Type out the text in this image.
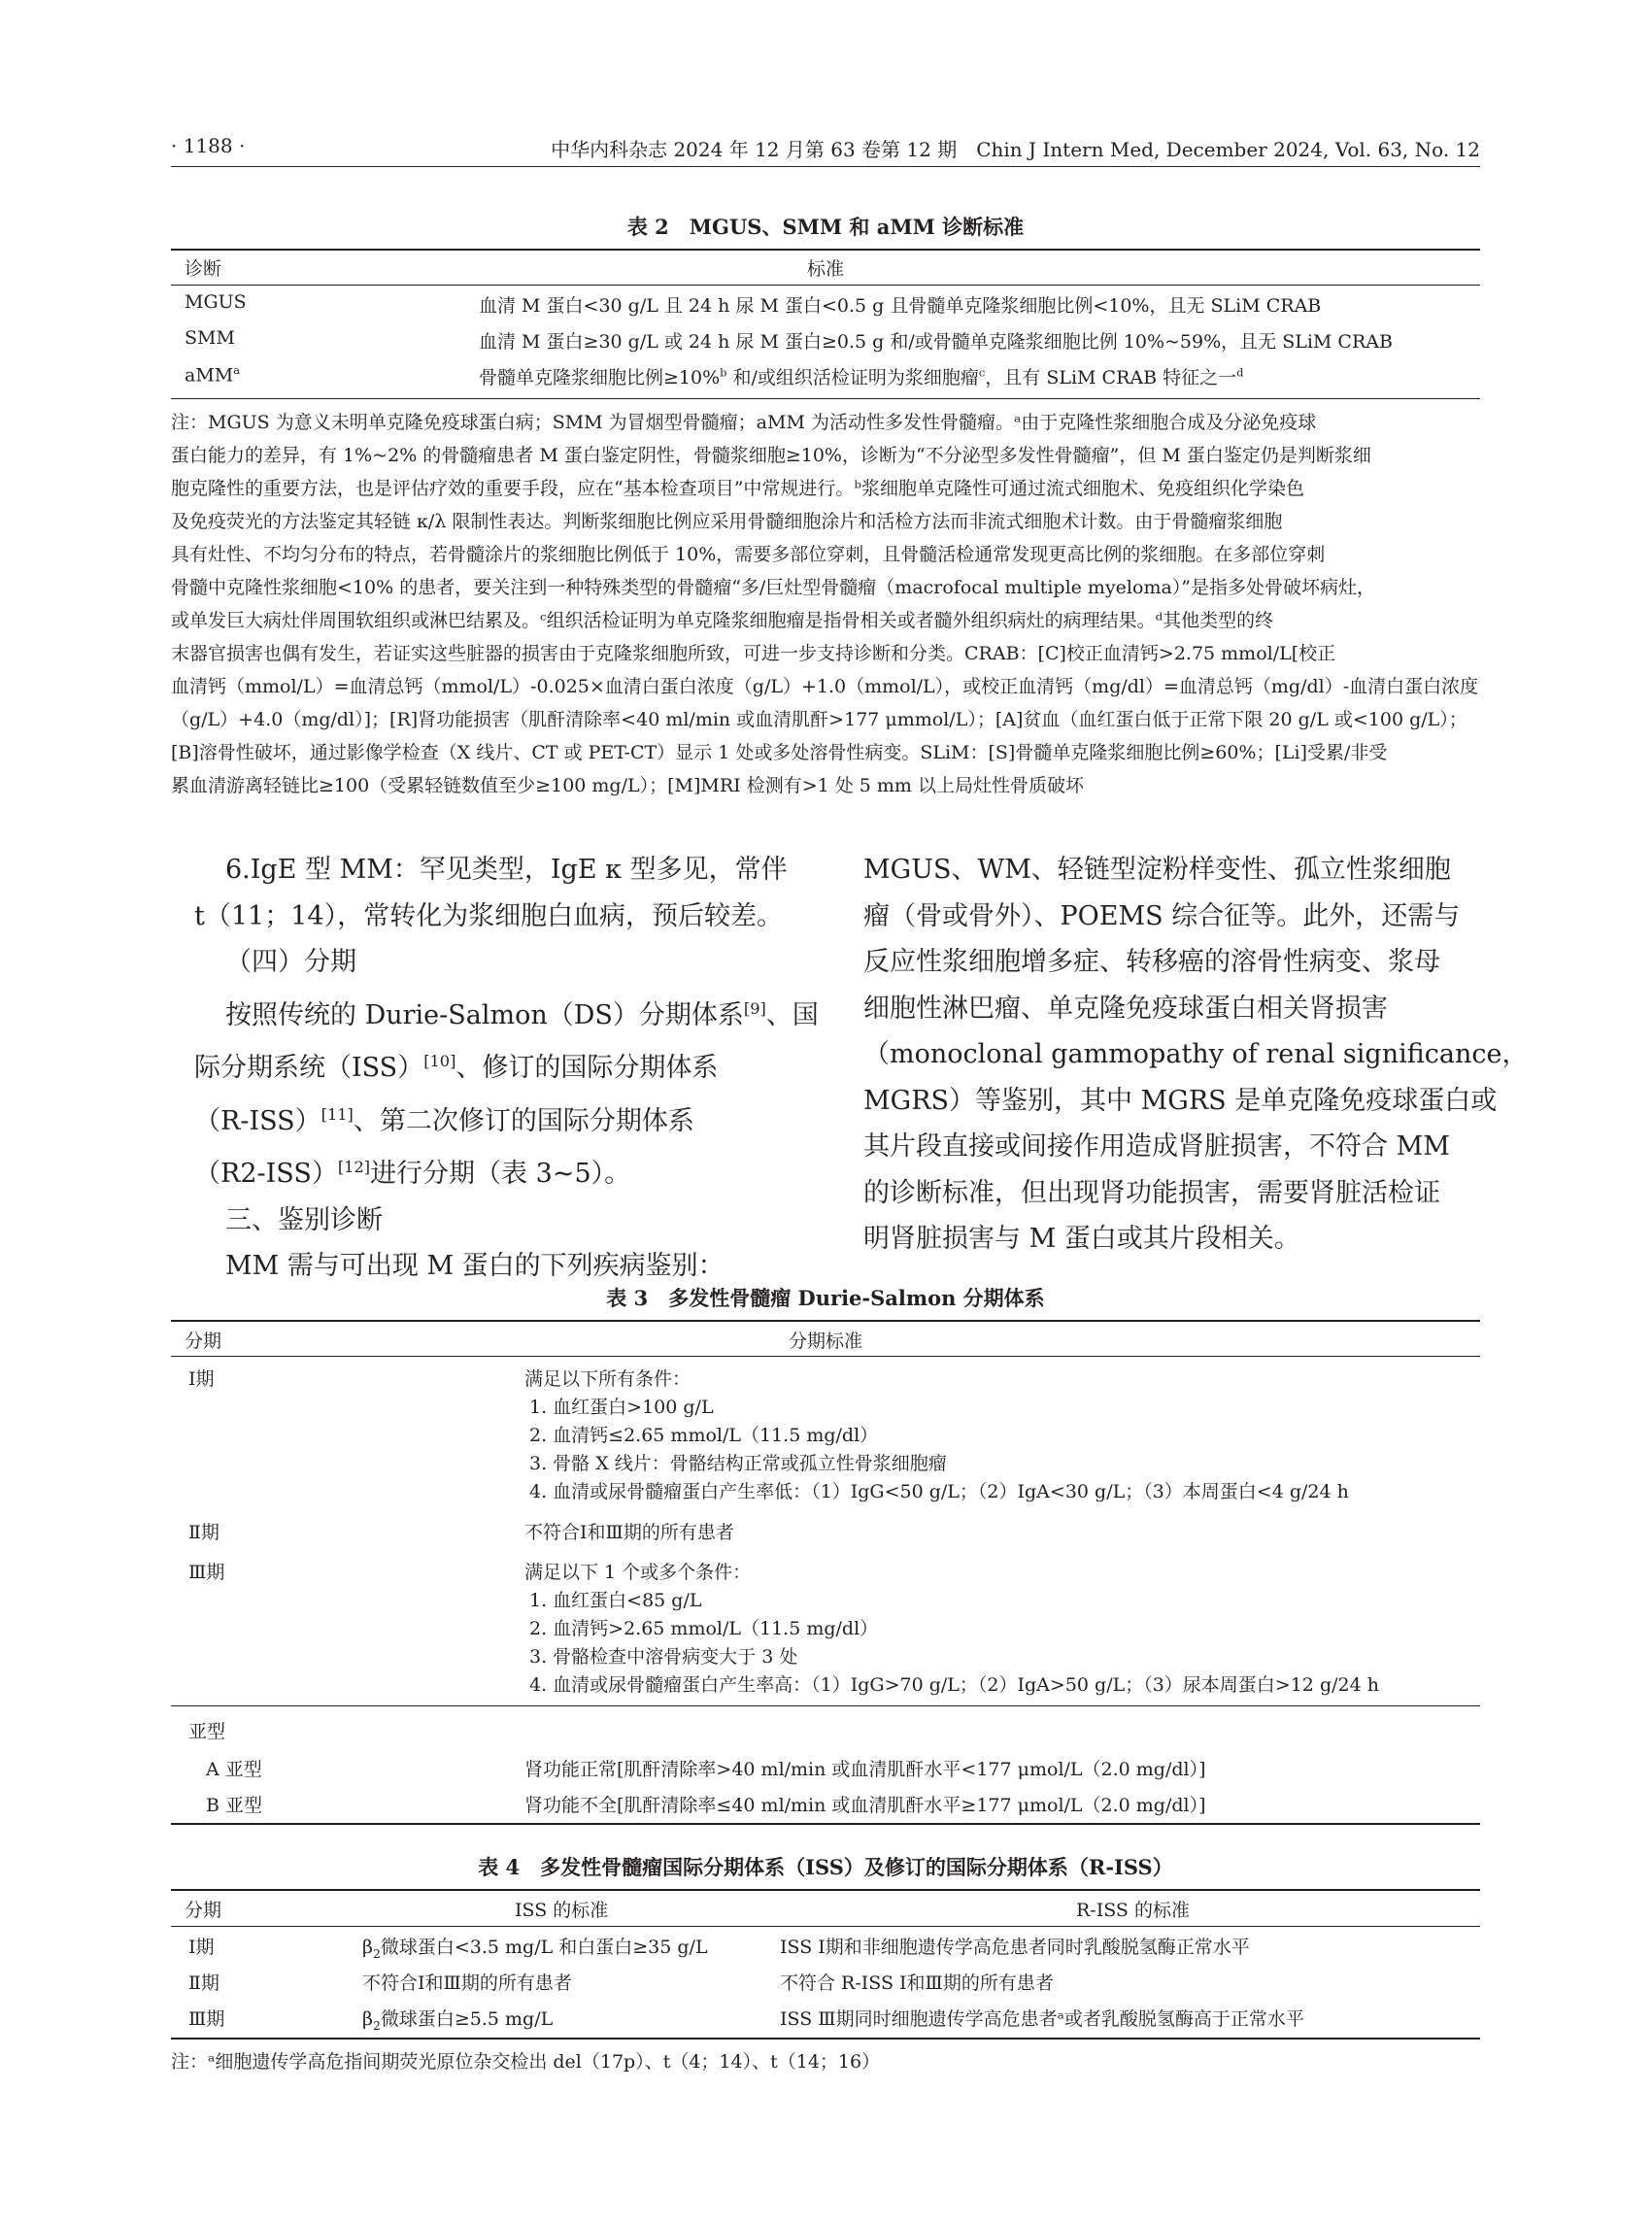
· 1188 ·	中华内科杂志 2024 年 12 月第 63 卷第 12 期　Chin J Intern Med, December 2024, Vol. 63, No. 12
表 2　MGUS、SMM 和 aMM 诊断标准
诊断	标准
MGUS	血清 M 蛋白<30 g/L 且 24 h 尿 M 蛋白<0.5 g 且骨髓单克隆浆细胞比例<10%，且无 SLiM CRAB
SMM	血清 M 蛋白≥30 g/L 或 24 h 尿 M 蛋白≥0.5 g 和/或骨髓单克隆浆细胞比例 10%~59%，且无 SLiM CRAB
aMM$^a$	骨髓单克隆浆细胞比例≥10%$^b$ 和/或组织活检证明为浆细胞瘤$^c$，且有 SLiM CRAB 特征之一$^d$

注：MGUS 为意义未明单克隆免疫球蛋白病；SMM 为冒烟型骨髓瘤；aMM 为活动性多发性骨髓瘤。ᵃ由于克隆性浆细胞合成及分泌免疫球

蛋白能力的差异，有 1%~2% 的骨髓瘤患者 M 蛋白鉴定阴性，骨髓浆细胞≥10%，诊断为“不分泌型多发性骨髓瘤”，但 M 蛋白鉴定仍是判断浆细

胞克隆性的重要方法，也是评估疗效的重要手段，应在“基本检查项目”中常规进行。ᵇ浆细胞单克隆性可通过流式细胞术、免疫组织化学染色

及免疫荧光的方法鉴定其轻链 κ/λ 限制性表达。判断浆细胞比例应采用骨髓细胞涂片和活检方法而非流式细胞术计数。由于骨髓瘤浆细胞

具有灶性、不均匀分布的特点，若骨髓涂片的浆细胞比例低于 10%，需要多部位穿刺，且骨髓活检通常发现更高比例的浆细胞。在多部位穿刺

骨髓中克隆性浆细胞<10% 的患者，要关注到一种特殊类型的骨髓瘤“多/巨灶型骨髓瘤（macrofocal multiple myeloma）”是指多处骨破坏病灶，

或单发巨大病灶伴周围软组织或淋巴结累及。ᶜ组织活检证明为单克隆浆细胞瘤是指骨相关或者髓外组织病灶的病理结果。ᵈ其他类型的终

末器官损害也偶有发生，若证实这些脏器的损害由于克隆浆细胞所致，可进一步支持诊断和分类。CRAB：[C]校正血清钙>2.75 mmol/L[校正

血清钙（mmol/L）=血清总钙（mmol/L）-0.025×血清白蛋白浓度（g/L）+1.0（mmol/L），或校正血清钙（mg/dl）=血清总钙（mg/dl）-血清白蛋白浓度

（g/L）+4.0（mg/dl）]；[R]肾功能损害（肌酐清除率<40 ml/min 或血清肌酐>177 μmmol/L）；[A]贫血（血红蛋白低于正常下限 20 g/L 或<100 g/L）；

[B]溶骨性破坏，通过影像学检查（X 线片、CT 或 PET-CT）显示 1 处或多处溶骨性病变。SLiM：[S]骨髓单克隆浆细胞比例≥60%；[Li]受累/非受

累血清游离轻链比≥100（受累轻链数值至少≥100 mg/L）；[M]MRI 检测有>1 处 5 mm 以上局灶性骨质破坏

6.IgE 型 MM：罕见类型，IgE κ 型多见，常伴

t（11；14），常转化为浆细胞白血病，预后较差。

（四）分期

按照传统的 Durie-Salmon（DS）分期体系[9]、国

际分期系统（ISS）[10]、修订的国际分期体系

（R-ISS）[11]、第二次修订的国际分期体系

（R2-ISS）[12]进行分期（表 3~5）。

三、鉴别诊断

MM 需与可出现 M 蛋白的下列疾病鉴别：

MGUS、WM、轻链型淀粉样变性、孤立性浆细胞

瘤（骨或骨外）、POEMS 综合征等。此外，还需与

反应性浆细胞增多症、转移癌的溶骨性病变、浆母

细胞性淋巴瘤、单克隆免疫球蛋白相关肾损害

（monoclonal gammopathy of renal significance，

MGRS）等鉴别，其中 MGRS 是单克隆免疫球蛋白或

其片段直接或间接作用造成肾脏损害，不符合 MM

的诊断标准，但出现肾功能损害，需要肾脏活检证

明肾脏损害与 M 蛋白或其片段相关。

表 3　多发性骨髓瘤 Durie-Salmon 分期体系
分期	分期标准
Ⅰ期	满足以下所有条件：
1. 血红蛋白>100 g/L
2. 血清钙≤2.65 mmol/L（11.5 mg/dl）
3. 骨骼 X 线片：骨骼结构正常或孤立性骨浆细胞瘤
4. 血清或尿骨髓瘤蛋白产生率低：（1）IgG<50 g/L；（2）IgA<30 g/L；（3）本周蛋白<4 g/24 h
Ⅱ期	不符合Ⅰ和Ⅲ期的所有患者
Ⅲ期	满足以下 1 个或多个条件：
1. 血红蛋白<85 g/L
2. 血清钙>2.65 mmol/L（11.5 mg/dl）
3. 骨骼检查中溶骨病变大于 3 处
4. 血清或尿骨髓瘤蛋白产生率高：（1）IgG>70 g/L；（2）IgA>50 g/L；（3）尿本周蛋白>12 g/24 h
亚型
A 亚型	肾功能正常[肌酐清除率>40 ml/min 或血清肌酐水平<177 μmol/L（2.0 mg/dl）]
B 亚型	肾功能不全[肌酐清除率≤40 ml/min 或血清肌酐水平≥177 μmol/L（2.0 mg/dl）]
表 4　多发性骨髓瘤国际分期体系（ISS）及修订的国际分期体系（R-ISS）
分期	ISS 的标准	R-ISS 的标准
Ⅰ期	$\beta_2$微球蛋白<3.5 mg/L 和白蛋白≥35 g/L	ISS Ⅰ期和非细胞遗传学高危患者同时乳酸脱氢酶正常水平
Ⅱ期	不符合Ⅰ和Ⅲ期的所有患者	不符合 R-ISS Ⅰ和Ⅲ期的所有患者
Ⅲ期	$\beta_2$微球蛋白≥5.5 mg/L	ISS Ⅲ期同时细胞遗传学高危患者ᵃ或者乳酸脱氢酶高于正常水平
注：ᵃ细胞遗传学高危指间期荧光原位杂交检出 del（17p）、t（4；14）、t（14；16）
